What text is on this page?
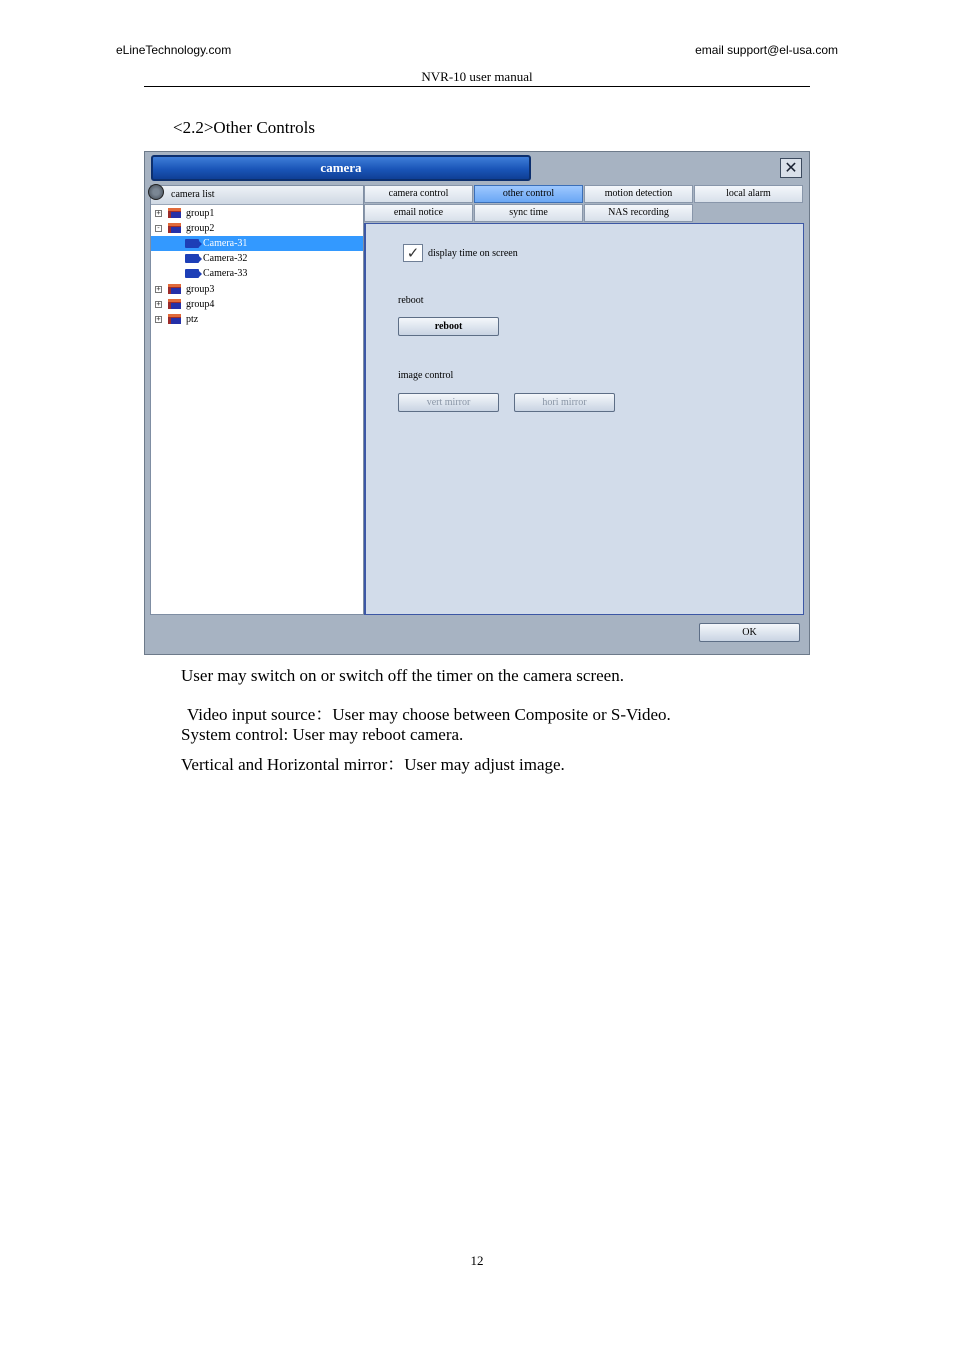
eLineTechnology.com	email support@el-usa.com
NVR-10 user manual
<2.2>Other Controls
camera	✕
camera list
+	group1
-	group2
Camera-31
Camera-32
Camera-33
+	group3
+	group4
+	ptz
camera control	other control	motion detection	local alarm
email notice	sync time	NAS recording
✓ display time on screen
reboot
reboot
image control
vert mirror	hori mirror
OK
User may switch on or switch off the timer on the camera screen.
Video input source：User may choose between Composite or S-Video.
System control: User may reboot camera.
Vertical and Horizontal mirror：User may adjust image.
12
